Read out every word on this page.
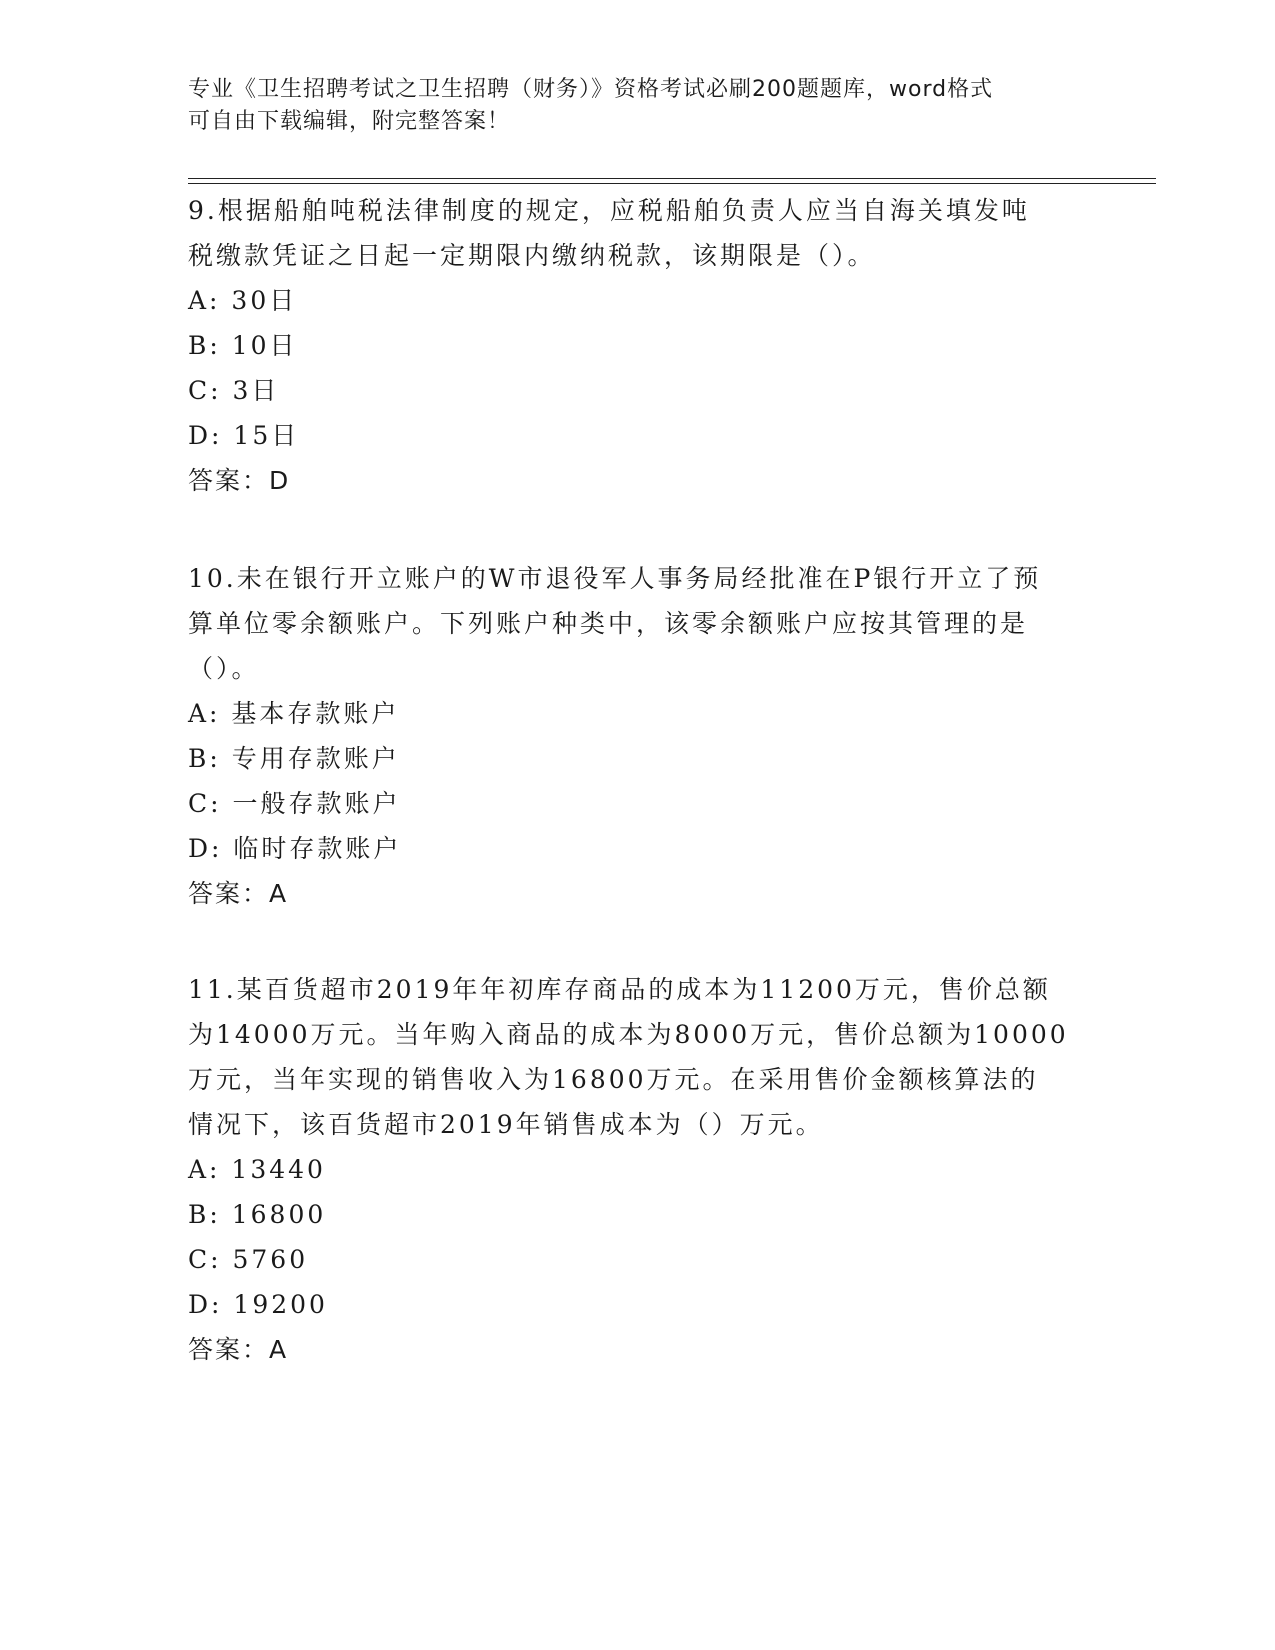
专业《卫生招聘考试之卫生招聘（财务）》资格考试必刷200题题库，word格式
可自由下载编辑，附完整答案！

9.根据船舶吨税法律制度的规定，应税船舶负责人应当自海关填发吨

税缴款凭证之日起一定期限内缴纳税款，该期限是（）。

A: 30日

B: 10日

C: 3日

D: 15日

答案：D

10.未在银行开立账户的W市退役军人事务局经批准在P银行开立了预

算单位零余额账户。下列账户种类中，该零余额账户应按其管理的是

（）。

A: 基本存款账户

B: 专用存款账户

C: 一般存款账户

D: 临时存款账户

答案：A

11.某百货超市2019年年初库存商品的成本为11200万元，售价总额

为14000万元。当年购入商品的成本为8000万元，售价总额为10000

万元，当年实现的销售收入为16800万元。在采用售价金额核算法的

情况下，该百货超市2019年销售成本为（）万元。

A: 13440

B: 16800

C: 5760

D: 19200

答案：A
